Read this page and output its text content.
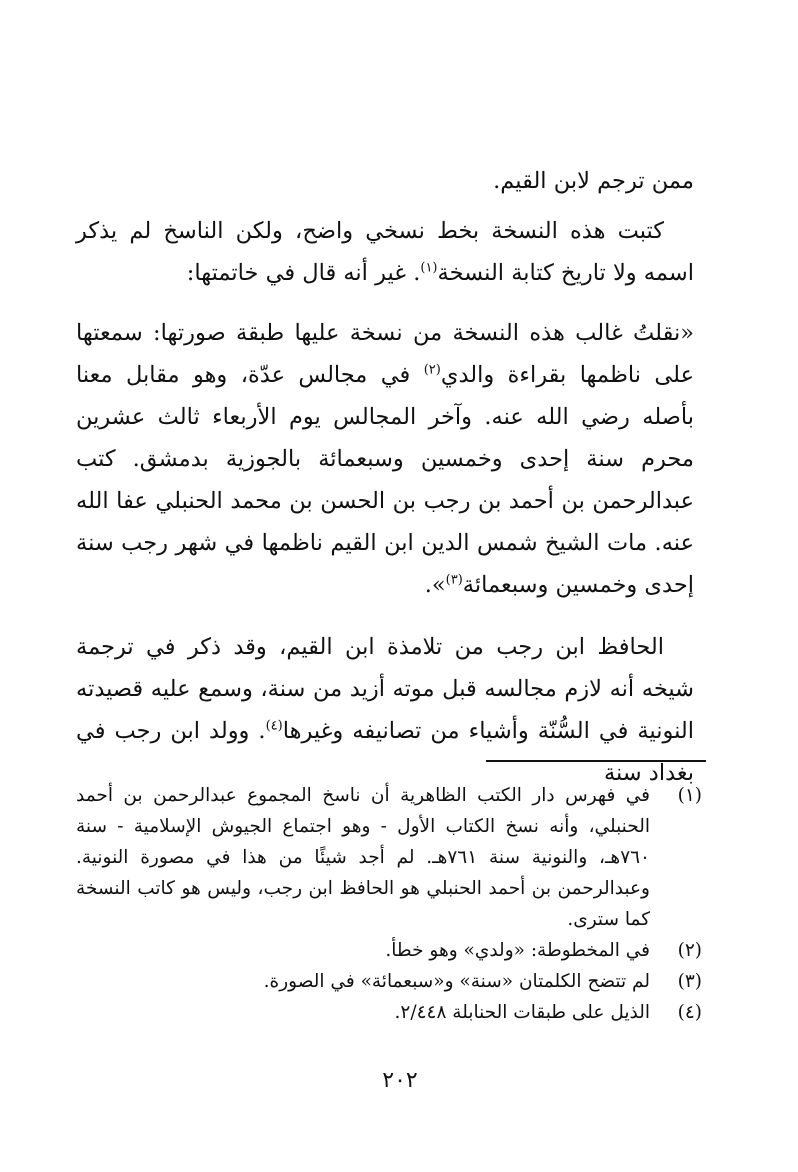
ممن ترجم لابن القيم.

كتبت هذه النسخة بخط نسخي واضح، ولكن الناسخ لم يذكر اسمه ولا تاريخ كتابة النسخة$^{(١)}$. غير أنه قال في خاتمتها:

«نقلتُ غالب هذه النسخة من نسخة عليها طبقة صورتها: سمعتها على ناظمها بقراءة والدي$^{(٢)}$ في مجالس عدّة، وهو مقابل معنا بأصله رضي الله عنه. وآخر المجالس يوم الأربعاء ثالث عشرين محرم سنة إحدى وخمسين وسبعمائة بالجوزية بدمشق. كتب عبدالرحمن بن أحمد بن رجب بن الحسن بن محمد الحنبلي عفا الله عنه. مات الشيخ شمس الدين ابن القيم ناظمها في شهر رجب سنة إحدى وخمسين وسبعمائة$^{(٣)}$».

الحافظ ابن رجب من تلامذة ابن القيم، وقد ذكر في ترجمة شيخه أنه لازم مجالسه قبل موته أزيد من سنة، وسمع عليه قصيدته النونية في السُّنّة وأشياء من تصانيفه وغيرها$^{(٤)}$. وولد ابن رجب في بغداد سنة

(١)
في فهرس دار الكتب الظاهرية أن ناسخ المجموع عبدالرحمن بن أحمد الحنبلي، وأنه نسخ الكتاب الأول - وهو اجتماع الجيوش الإسلامية - سنة ٧٦٠هـ، والنونية سنة ٧٦١هـ. لم أجد شيئًا من هذا في مصورة النونية. وعبدالرحمن بن أحمد الحنبلي هو الحافظ ابن رجب، وليس هو كاتب النسخة كما سترى.

(٢)
في المخطوطة: «ولدي» وهو خطأ.

(٣)
لم تتضح الكلمتان «سنة» و«سبعمائة» في الصورة.

(٤)
الذيل على طبقات الحنابلة ٢/٤٤٨.

٢٠٢
